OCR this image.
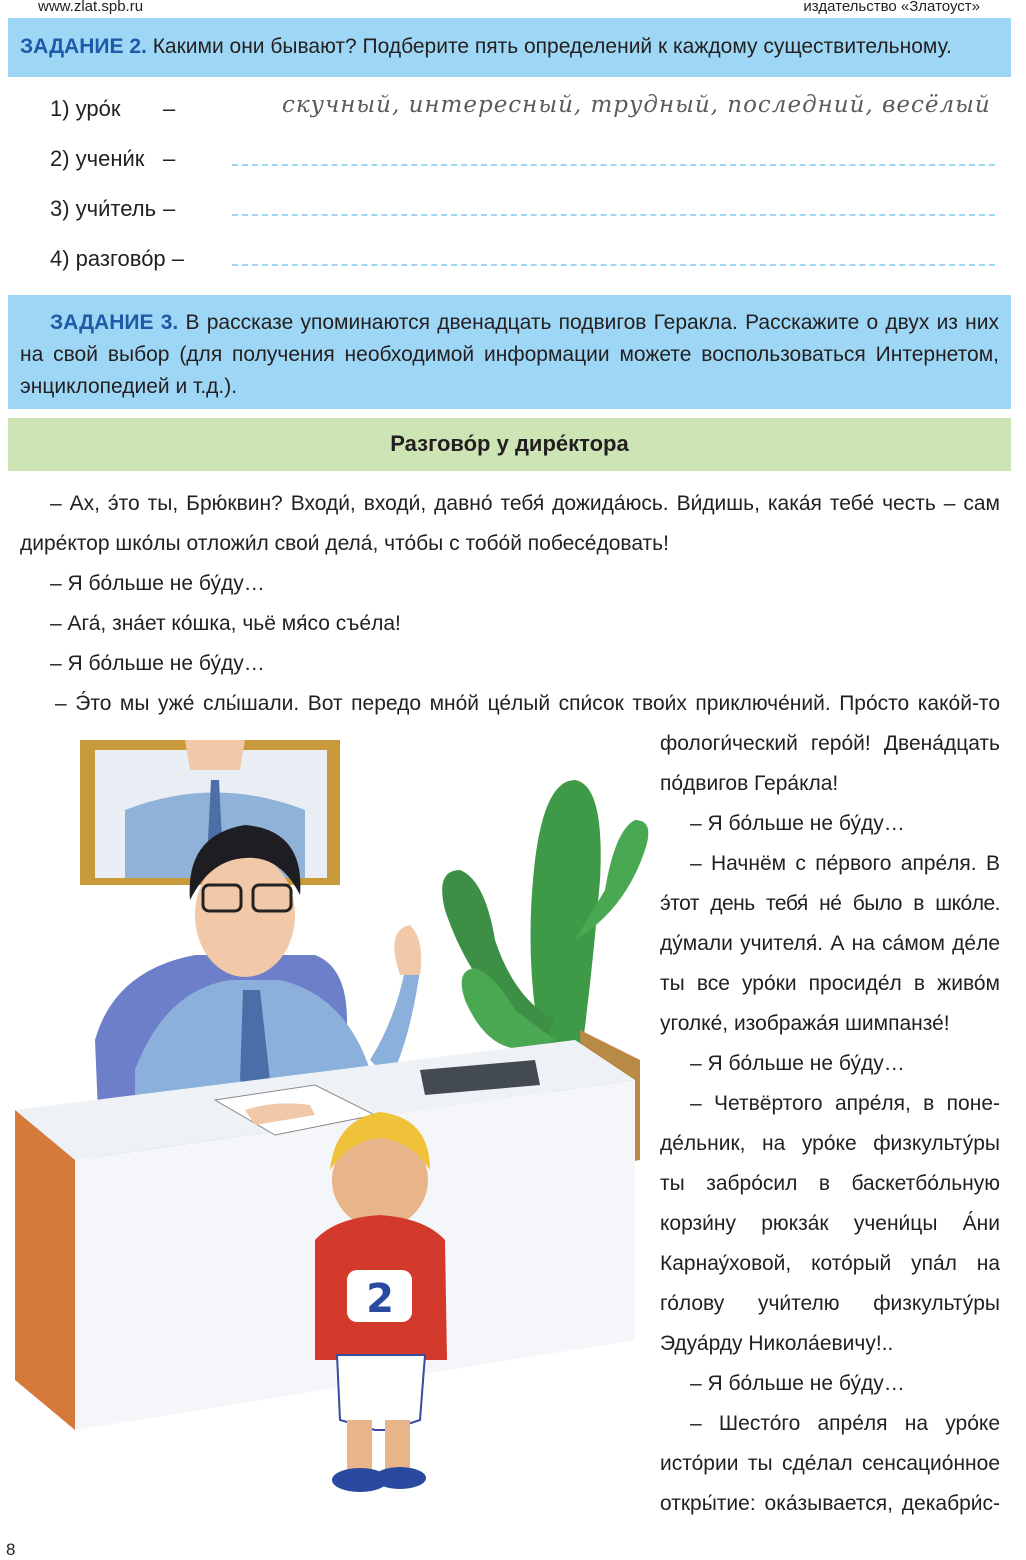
www.zlat.spb.ru	издательство «Златоуст»
ЗАДАНИЕ 2. Какими они бывают? Подберите пять определений к каждому существительному.
1) уро́к –	скучный, интересный, трудный, последний, весёлый
2) учени́к –
3) учи́тель –
4) разгово́р –
ЗАДАНИЕ 3. В рассказе упоминаются двенадцать подвигов Геракла. Расскажите о двух из них
на свой выбор (для получения необходимой информации можете воспользоваться Интернетом,
энциклопедией и т.д.).
Разгово́р у дире́ктора
– Ах, э́то ты, Брю́квин? Входи́, входи́, давно́ тебя́ дожида́юсь. Ви́дишь, кака́я тебе́ честь – сам
дире́ктор шко́лы отложи́л свои́ дела́, что́бы с тобо́й побесе́довать!
– Я бо́льше не бу́ду…
– Ага́, зна́ет ко́шка, чьё мя́со съе́ла!
– Я бо́льше не бу́ду…
– Э́то мы уже́ слы́шали. Вот передо мно́й це́лый спи́сок твои́х приключе́ний. Про́сто како́й-то
фологи́ческий геро́й! Двена́дцать
по́двигов Гера́кла!
– Я бо́льше не бу́ду…
– Начнём с пе́рвого апре́ля. В
э́тот день тебя́ не́ было в шко́ле.
ду́мали учителя́. А на са́мом де́ле
ты все уро́ки просиде́л в живо́м
уголке́, изобража́я шимпанзе́!
– Я бо́льше не бу́ду…
– Четвёртого апре́ля, в поне-
де́льник, на уро́ке физкульту́ры
ты забро́сил в баскетбо́льную
корзи́ну рюкза́к учени́цы А́ни
Карнау́ховой, кото́рый упа́л на
го́лову учи́телю физкульту́ры
Эдуа́рду Никола́евичу!..
– Я бо́льше не бу́ду…
– Шесто́го апре́ля на уро́ке
исто́рии ты сде́лал сенсацио́нное
откры́тие: ока́зывается, декабри́с-
2
8
